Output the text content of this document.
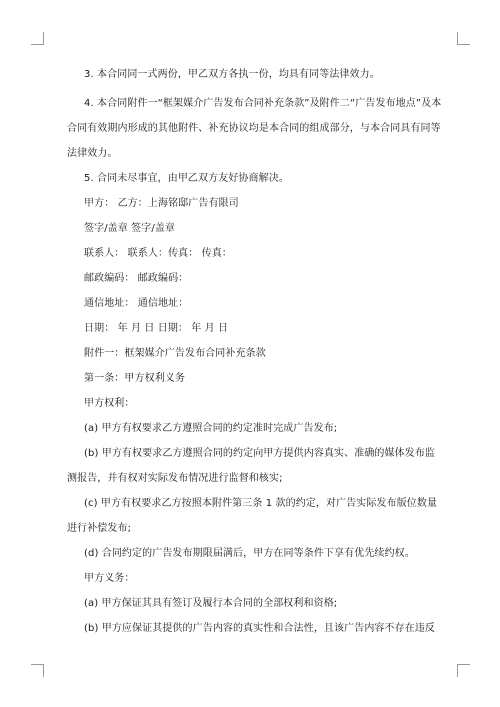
3. 本合同同一式两份，甲乙双方各执一份，均具有同等法律效力。

4. 本合同附件一“框架媒介广告发布合同补充条款”及附件二“广告发布地点”及本

合同有效期内形成的其他附件、补充协议均是本合同的组成部分，与本合同具有同等

法律效力。

5. 合同未尽事宜，由甲乙双方友好协商解决。

甲方： 乙方：上海铭邸广告有限司

签字/盖章 签字/盖章

联系人： 联系人：传真： 传真：

邮政编码： 邮政编码：

通信地址： 通信地址：

日期： 年 月 日 日期： 年 月 日

附件一：框架媒介广告发布合同补充条款

第一条：甲方权利义务

甲方权利：

(a) 甲方有权要求乙方遵照合同的约定准时完成广告发布;

(b) 甲方有权要求乙方遵照合同的约定向甲方提供内容真实、准确的媒体发布监

测报告，并有权对实际发布情况进行监督和核实;

(c) 甲方有权要求乙方按照本附件第三条 1 款的约定，对广告实际发布版位数量

进行补偿发布;

(d) 合同约定的广告发布期限届满后，甲方在同等条件下享有优先续约权。

甲方义务：

(a) 甲方保证其具有签订及履行本合同的全部权利和资格;

(b) 甲方应保证其提供的广告内容的真实性和合法性，且该广告内容不存在违反
